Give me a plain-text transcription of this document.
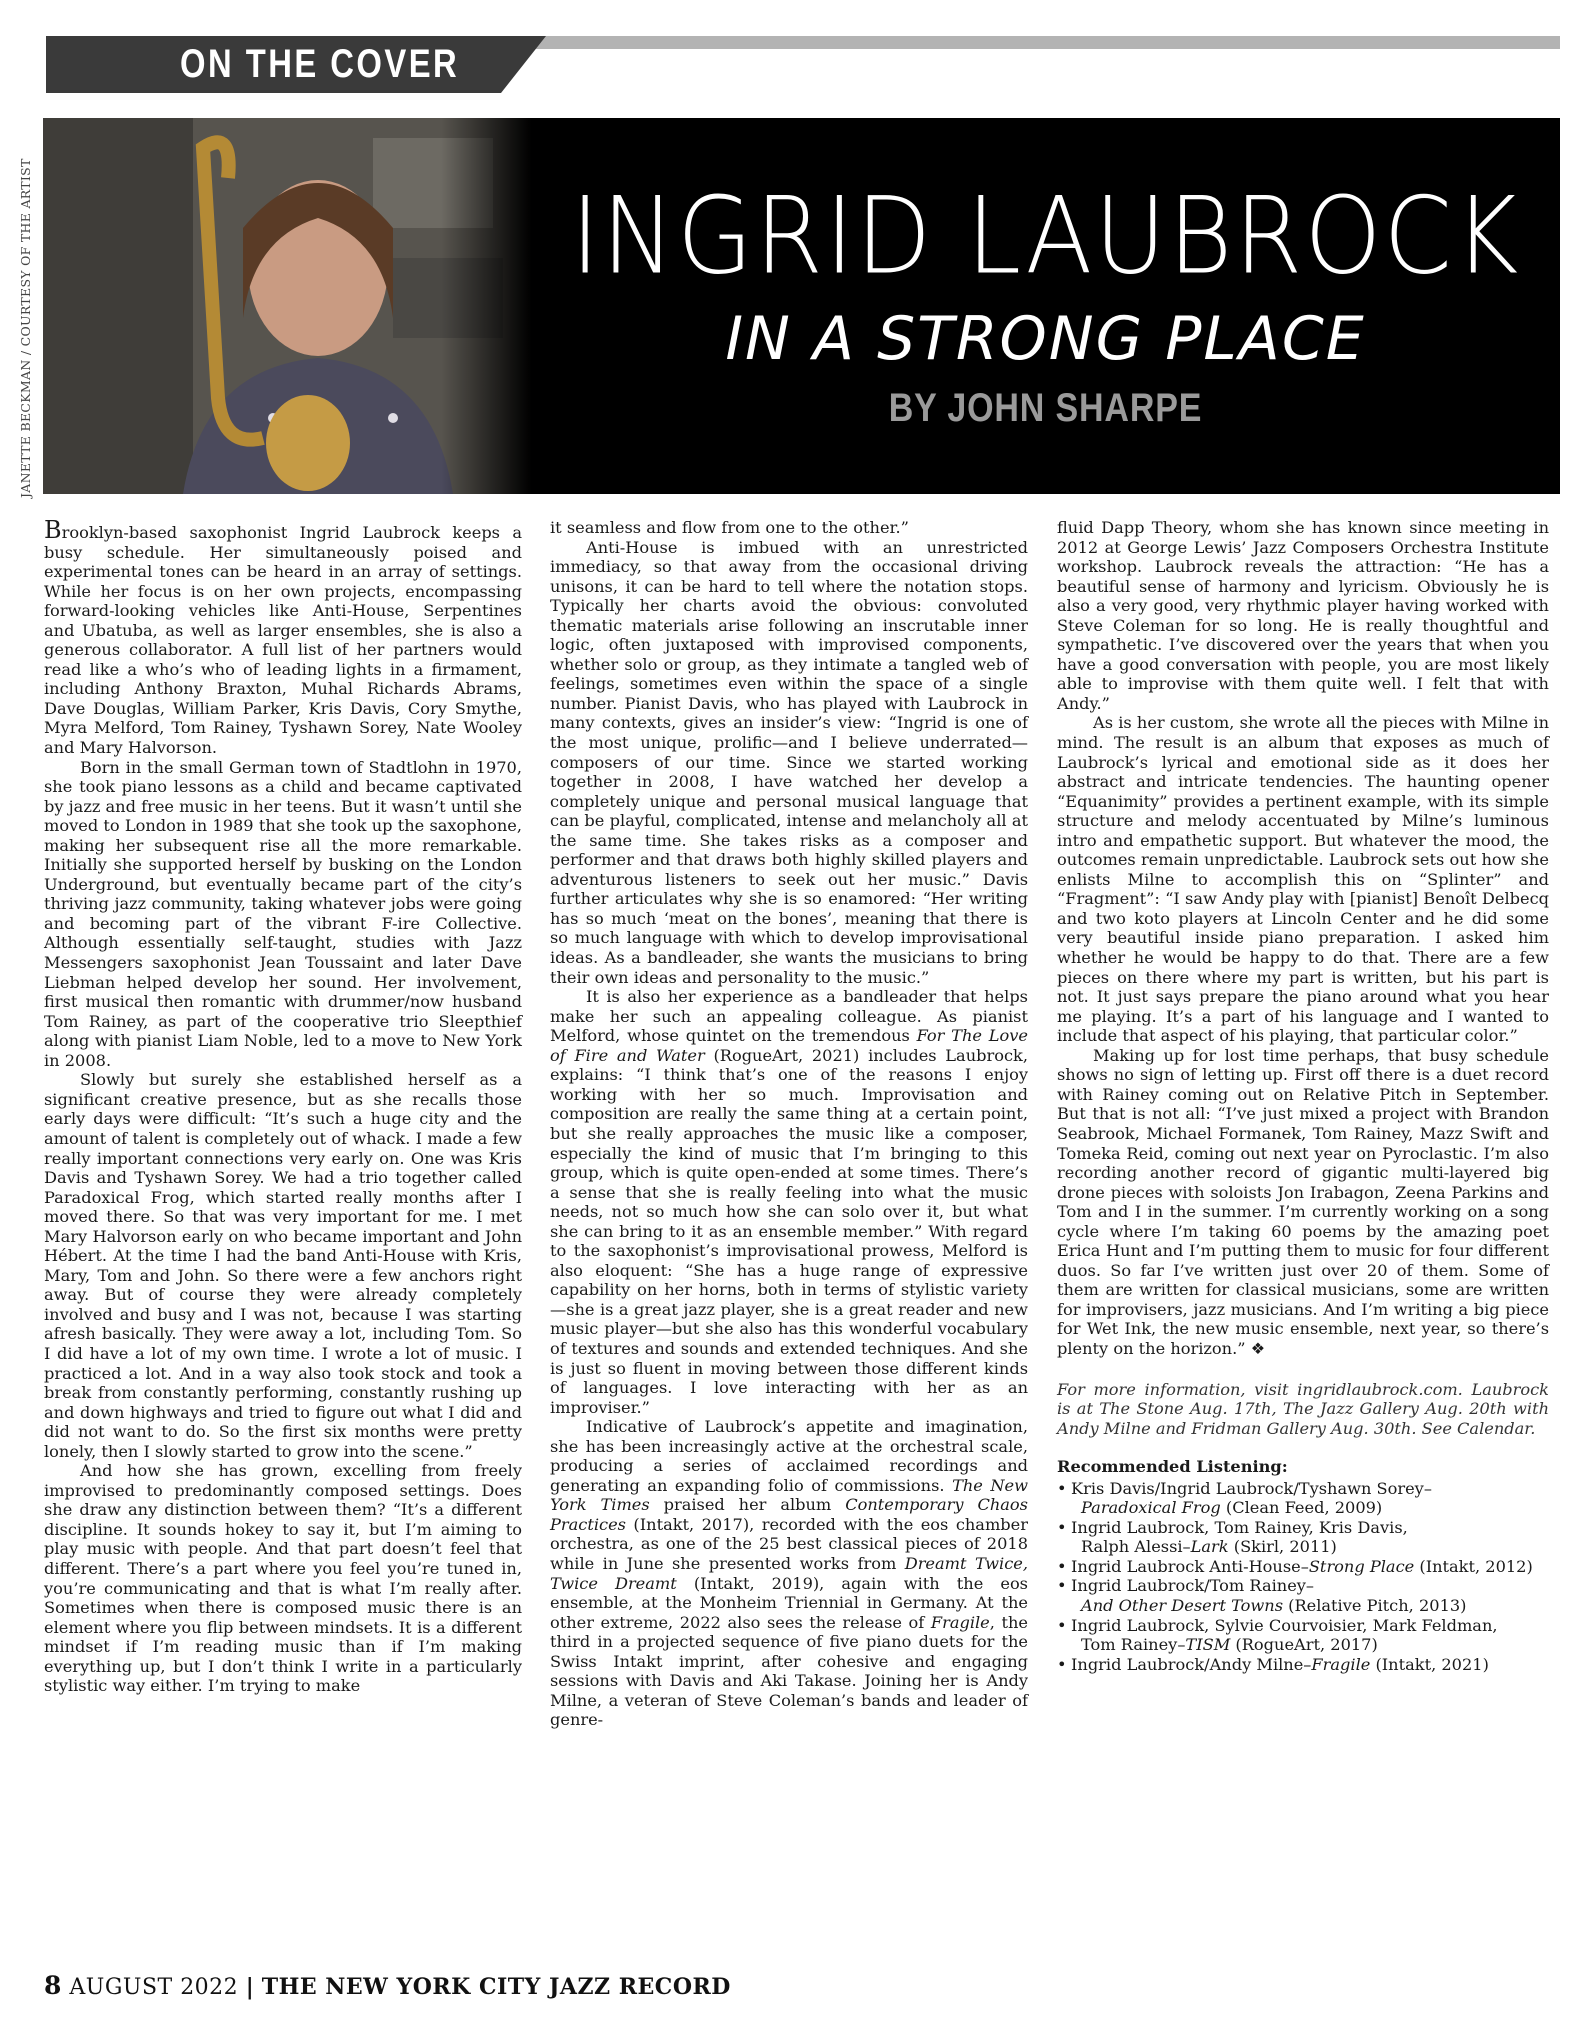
ON THE COVER
JANETTE BECKMAN / COURTESY OF THE ARTIST	INGRID LAUBROCK
IN A STRONG PLACE
BY JOHN SHARPE

Brooklyn-based saxophonist Ingrid Laubrock keeps a busy schedule. Her simultaneously poised and experimental tones can be heard in an array of settings. While her focus is on her own projects, encompassing forward-looking vehicles like Anti-House, Serpentines and Ubatuba, as well as larger ensembles, she is also a generous collaborator. A full list of her partners would read like a who’s who of leading lights in a firmament, including Anthony Braxton, Muhal Richards Abrams, Dave Douglas, William Parker, Kris Davis, Cory Smythe, Myra Melford, Tom Rainey, Tyshawn Sorey, Nate Wooley and Mary Halvorson.

Born in the small German town of Stadtlohn in 1970, she took piano lessons as a child and became captivated by jazz and free music in her teens. But it wasn’t until she moved to London in 1989 that she took up the saxophone, making her subsequent rise all the more remarkable. Initially she supported herself by busking on the London Underground, but eventually became part of the city’s thriving jazz community, taking whatever jobs were going and becoming part of the vibrant F-ire Collective. Although essentially self-taught, studies with Jazz Messengers saxophonist Jean Toussaint and later Dave Liebman helped develop her sound. Her involvement, first musical then romantic with drummer/now husband Tom Rainey, as part of the cooperative trio Sleepthief along with pianist Liam Noble, led to a move to New York in 2008.

Slowly but surely she established herself as a significant creative presence, but as she recalls those early days were difficult: “It’s such a huge city and the amount of talent is completely out of whack. I made a few really important connections very early on. One was Kris Davis and Tyshawn Sorey. We had a trio together called Paradoxical Frog, which started really months after I moved there. So that was very important for me. I met Mary Halvorson early on who became important and John Hébert. At the time I had the band Anti-House with Kris, Mary, Tom and John. So there were a few anchors right away. But of course they were already completely involved and busy and I was not, because I was starting afresh basically. They were away a lot, including Tom. So I did have a lot of my own time. I wrote a lot of music. I practiced a lot. And in a way also took stock and took a break from constantly performing, constantly rushing up and down highways and tried to figure out what I did and did not want to do. So the first six months were pretty lonely, then I slowly started to grow into the scene.”

And how she has grown, excelling from freely improvised to predominantly composed settings. Does she draw any distinction between them? “It’s a different discipline. It sounds hokey to say it, but I’m aiming to play music with people. And that part doesn’t feel that different. There’s a part where you feel you’re tuned in, you’re communicating and that is what I’m really after. Sometimes when there is composed music there is an element where you flip between mindsets. It is a different mindset if I’m reading music than if I’m making everything up, but I don’t think I write in a particularly stylistic way either. I’m trying to make

it seamless and flow from one to the other.”

Anti-House is imbued with an unrestricted immediacy, so that away from the occasional driving unisons, it can be hard to tell where the notation stops. Typically her charts avoid the obvious: convoluted thematic materials arise following an inscrutable inner logic, often juxtaposed with improvised components, whether solo or group, as they intimate a tangled web of feelings, sometimes even within the space of a single number. Pianist Davis, who has played with Laubrock in many contexts, gives an insider’s view: “Ingrid is one of the most unique, prolific—and I believe underrated—composers of our time. Since we started working together in 2008, I have watched her develop a completely unique and personal musical language that can be playful, complicated, intense and melancholy all at the same time. She takes risks as a composer and performer and that draws both highly skilled players and adventurous listeners to seek out her music.” Davis further articulates why she is so enamored: “Her writing has so much ‘meat on the bones’, meaning that there is so much language with which to develop improvisational ideas. As a bandleader, she wants the musicians to bring their own ideas and personality to the music.”

It is also her experience as a bandleader that helps make her such an appealing colleague. As pianist Melford, whose quintet on the tremendous For The Love of Fire and Water (RogueArt, 2021) includes Laubrock, explains: “I think that’s one of the reasons I enjoy working with her so much. Improvisation and composition are really the same thing at a certain point, but she really approaches the music like a composer, especially the kind of music that I’m bringing to this group, which is quite open-ended at some times. There’s a sense that she is really feeling into what the music needs, not so much how she can solo over it, but what she can bring to it as an ensemble member.” With regard to the saxophonist’s improvisational prowess, Melford is also eloquent: “She has a huge range of expressive capability on her horns, both in terms of stylistic variety—she is a great jazz player, she is a great reader and new music player—but she also has this wonderful vocabulary of textures and sounds and extended techniques. And she is just so fluent in moving between those different kinds of languages. I love interacting with her as an improviser.”

Indicative of Laubrock’s appetite and imagination, she has been increasingly active at the orchestral scale, producing a series of acclaimed recordings and generating an expanding folio of commissions. The New York Times praised her album Contemporary Chaos Practices (Intakt, 2017), recorded with the eos chamber orchestra, as one of the 25 best classical pieces of 2018 while in June she presented works from Dreamt Twice, Twice Dreamt (Intakt, 2019), again with the eos ensemble, at the Monheim Triennial in Germany. At the other extreme, 2022 also sees the release of Fragile, the third in a projected sequence of five piano duets for the Swiss Intakt imprint, after cohesive and engaging sessions with Davis and Aki Takase. Joining her is Andy Milne, a veteran of Steve Coleman’s bands and leader of genre-

fluid Dapp Theory, whom she has known since meeting in 2012 at George Lewis’ Jazz Composers Orchestra Institute workshop. Laubrock reveals the attraction: “He has a beautiful sense of harmony and lyricism. Obviously he is also a very good, very rhythmic player having worked with Steve Coleman for so long. He is really thoughtful and sympathetic. I’ve discovered over the years that when you have a good conversation with people, you are most likely able to improvise with them quite well. I felt that with Andy.”

As is her custom, she wrote all the pieces with Milne in mind. The result is an album that exposes as much of Laubrock’s lyrical and emotional side as it does her abstract and intricate tendencies. The haunting opener “Equanimity” provides a pertinent example, with its simple structure and melody accentuated by Milne’s luminous intro and empathetic support. But whatever the mood, the outcomes remain unpredictable. Laubrock sets out how she enlists Milne to accomplish this on “Splinter” and “Fragment”: “I saw Andy play with [pianist] Benoît Delbecq and two koto players at Lincoln Center and he did some very beautiful inside piano preparation. I asked him whether he would be happy to do that. There are a few pieces on there where my part is written, but his part is not. It just says prepare the piano around what you hear me playing. It’s a part of his language and I wanted to include that aspect of his playing, that particular color.”

Making up for lost time perhaps, that busy schedule shows no sign of letting up. First off there is a duet record with Rainey coming out on Relative Pitch in September. But that is not all: “I’ve just mixed a project with Brandon Seabrook, Michael Formanek, Tom Rainey, Mazz Swift and Tomeka Reid, coming out next year on Pyroclastic. I’m also recording another record of gigantic multi-layered big drone pieces with soloists Jon Irabagon, Zeena Parkins and Tom and I in the summer. I’m currently working on a song cycle where I’m taking 60 poems by the amazing poet Erica Hunt and I’m putting them to music for four different duos. So far I’ve written just over 20 of them. Some of them are written for classical musicians, some are written for improvisers, jazz musicians. And I’m writing a big piece for Wet Ink, the new music ensemble, next year, so there’s plenty on the horizon.” ❖

For more information, visit ingridlaubrock.com. Laubrock is at The Stone Aug. 17th, The Jazz Gallery Aug. 20th with Andy Milne and Fridman Gallery Aug. 30th. See Calendar.

Recommended Listening:
• Kris Davis/Ingrid Laubrock/Tyshawn Sorey–
Paradoxical Frog (Clean Feed, 2009)
• Ingrid Laubrock, Tom Rainey, Kris Davis,
Ralph Alessi–Lark (Skirl, 2011)
• Ingrid Laubrock Anti-House–Strong Place (Intakt, 2012)
• Ingrid Laubrock/Tom Rainey–
And Other Desert Towns (Relative Pitch, 2013)
• Ingrid Laubrock, Sylvie Courvoisier, Mark Feldman,
Tom Rainey–TISM (RogueArt, 2017)
• Ingrid Laubrock/Andy Milne–Fragile (Intakt, 2021)
8 AUGUST 2022 | THE NEW YORK CITY JAZZ RECORD
